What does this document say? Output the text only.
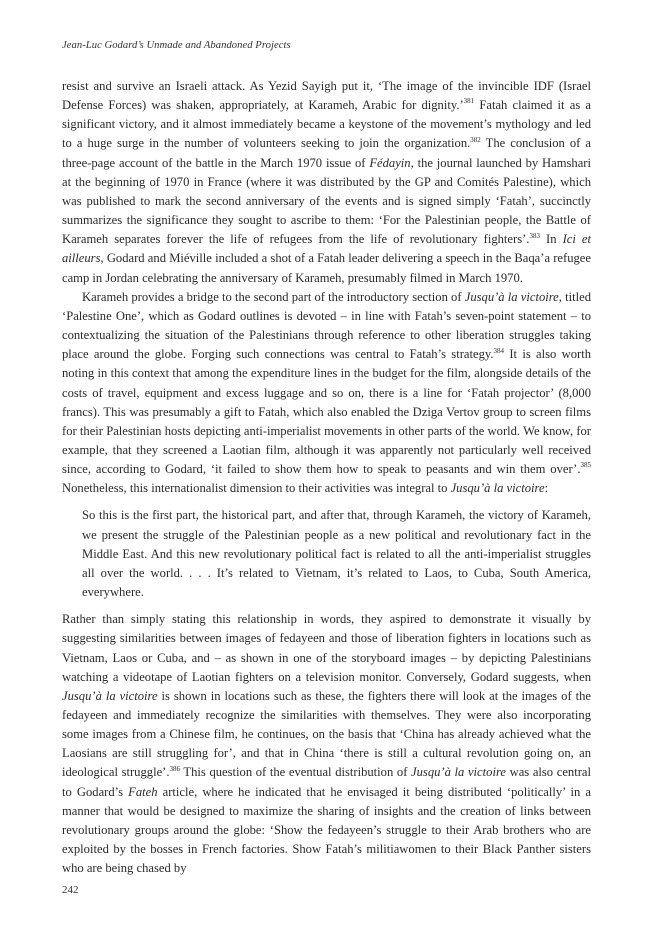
Jean-Luc Godard’s Unmade and Abandoned Projects

resist and survive an Israeli attack. As Yezid Sayigh put it, ‘The image of the invincible IDF (Israel Defense Forces) was shaken, appropriately, at Karameh, Arabic for dignity.’$^{381}$ Fatah claimed it as a significant victory, and it almost immediately became a keystone of the movement’s mythology and led to a huge surge in the number of volunteers seeking to join the organization.$^{382}$ The conclusion of a three-page account of the battle in the March 1970 issue of Fédayin, the journal launched by Hamshari at the beginning of 1970 in France (where it was distributed by the GP and Comités Palestine), which was published to mark the second anniversary of the events and is signed simply ‘Fatah’, succinctly summarizes the significance they sought to ascribe to them: ‘For the Palestinian people, the Battle of Karameh separates forever the life of refugees from the life of revolutionary fighters’.$^{383}$ In Ici et ailleurs, Godard and Miéville included a shot of a Fatah leader delivering a speech in the Baqa’a refugee camp in Jordan celebrating the anniversary of Karameh, presumably filmed in March 1970.

Karameh provides a bridge to the second part of the introductory section of Jusqu’à la victoire, titled ‘Palestine One’, which as Godard outlines is devoted – in line with Fatah’s seven-point statement – to contextualizing the situation of the Palestinians through reference to other liberation struggles taking place around the globe. Forging such connections was central to Fatah’s strategy.$^{384}$ It is also worth noting in this context that among the expenditure lines in the budget for the film, alongside details of the costs of travel, equipment and excess luggage and so on, there is a line for ‘Fatah projector’ (8,000 francs). This was presumably a gift to Fatah, which also enabled the Dziga Vertov group to screen films for their Palestinian hosts depicting anti-imperialist movements in other parts of the world. We know, for example, that they screened a Laotian film, although it was apparently not particularly well received since, according to Godard, ‘it failed to show them how to speak to peasants and win them over’.$^{385}$ Nonetheless, this internationalist dimension to their activities was integral to Jusqu’à la victoire:

So this is the first part, the historical part, and after that, through Karameh, the victory of Karameh, we present the struggle of the Palestinian people as a new political and revolutionary fact in the Middle East. And this new revolutionary political fact is related to all the anti-imperialist struggles all over the world. . . . It’s related to Vietnam, it’s related to Laos, to Cuba, South America, everywhere.

Rather than simply stating this relationship in words, they aspired to demonstrate it visually by suggesting similarities between images of fedayeen and those of liberation fighters in locations such as Vietnam, Laos or Cuba, and – as shown in one of the storyboard images – by depicting Palestinians watching a videotape of Laotian fighters on a television monitor. Conversely, Godard suggests, when Jusqu’à la victoire is shown in locations such as these, the fighters there will look at the images of the fedayeen and immediately recognize the similarities with themselves. They were also incorporating some images from a Chinese film, he continues, on the basis that ‘China has already achieved what the Laosians are still struggling for’, and that in China ‘there is still a cultural revolution going on, an ideological struggle’.$^{386}$ This question of the eventual distribution of Jusqu’à la victoire was also central to Godard’s Fateh article, where he indicated that he envisaged it being distributed ‘politically’ in a manner that would be designed to maximize the sharing of insights and the creation of links between revolutionary groups around the globe: ‘Show the fedayeen’s struggle to their Arab brothers who are exploited by the bosses in French factories. Show Fatah’s militiawomen to their Black Panther sisters who are being chased by

242
